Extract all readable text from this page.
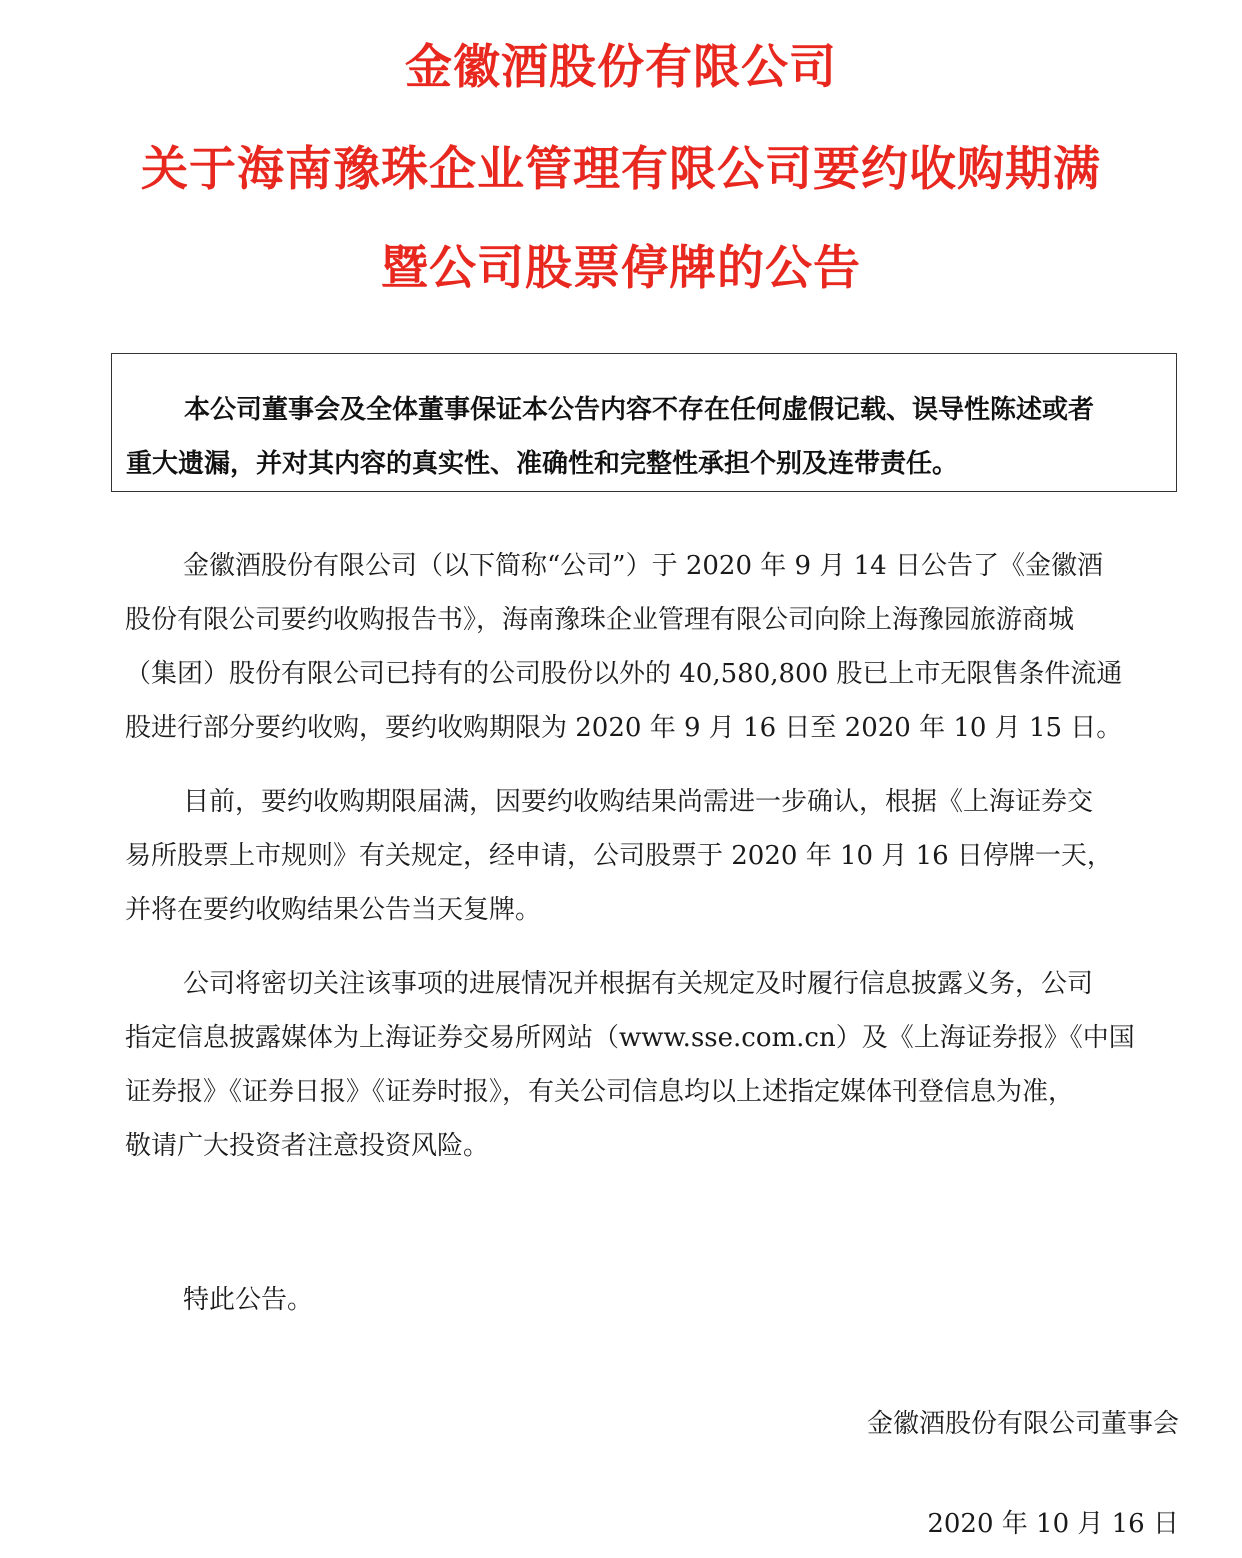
金徽酒股份有限公司
关于海南豫珠企业管理有限公司要约收购期满
暨公司股票停牌的公告
本公司董事会及全体董事保证本公告内容不存在任何虚假记载、误导性陈述或者
重大遗漏，并对其内容的真实性、准确性和完整性承担个别及连带责任。
金徽酒股份有限公司（以下简称“公司”）于 2020 年 9 月 14 日公告了《金徽酒
股份有限公司要约收购报告书》，海南豫珠企业管理有限公司向除上海豫园旅游商城
（集团）股份有限公司已持有的公司股份以外的 40,580,800 股已上市无限售条件流通
股进行部分要约收购，要约收购期限为 2020 年 9 月 16 日至 2020 年 10 月 15 日。
目前，要约收购期限届满，因要约收购结果尚需进一步确认，根据《上海证券交
易所股票上市规则》有关规定，经申请，公司股票于 2020 年 10 月 16 日停牌一天，
并将在要约收购结果公告当天复牌。
公司将密切关注该事项的进展情况并根据有关规定及时履行信息披露义务，公司
指定信息披露媒体为上海证券交易所网站（www.sse.com.cn）及《上海证券报》《中国
证券报》《证券日报》《证券时报》，有关公司信息均以上述指定媒体刊登信息为准，
敬请广大投资者注意投资风险。
特此公告。
金徽酒股份有限公司董事会
2020 年 10 月 16 日
